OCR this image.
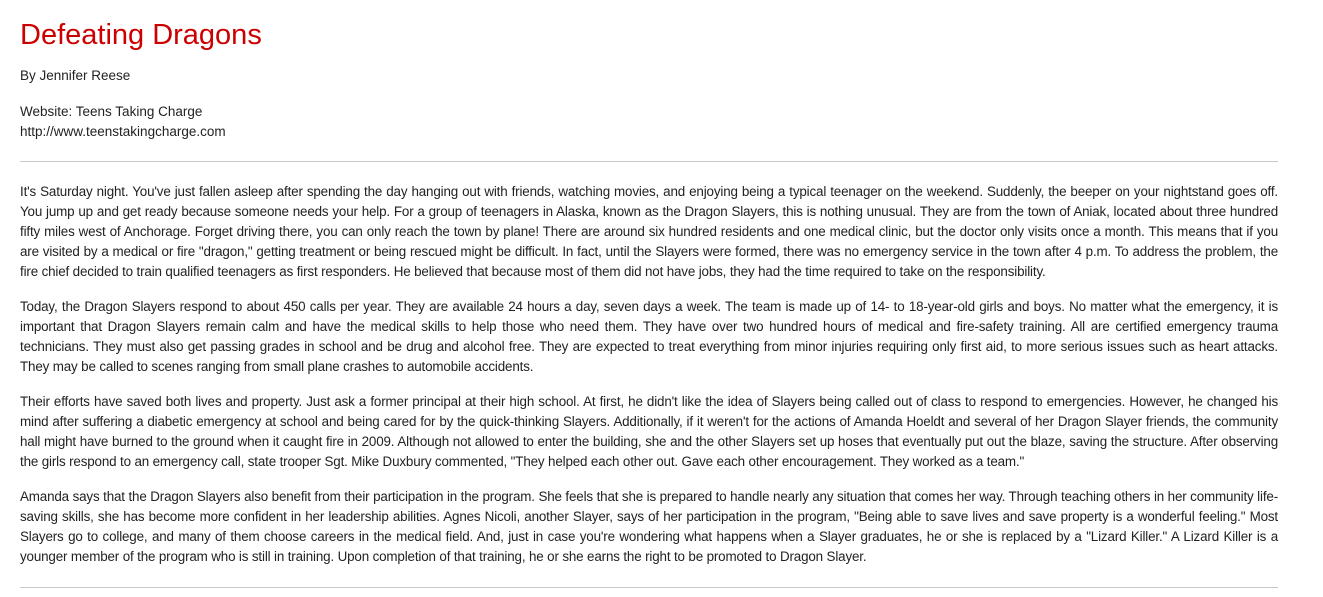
Defeating Dragons
By Jennifer Reese
Website: Teens Taking Charge
http://www.teenstakingcharge.com

It's Saturday night. You've just fallen asleep after spending the day hanging out with friends, watching movies, and enjoying being a typical teenager on the weekend. Suddenly, the beeper on your nightstand goes off. You jump up and get ready because someone needs your help. For a group of teenagers in Alaska, known as the Dragon Slayers, this is nothing unusual. They are from the town of Aniak, located about three hundred fifty miles west of Anchorage. Forget driving there, you can only reach the town by plane! There are around six hundred residents and one medical clinic, but the doctor only visits once a month. This means that if you are visited by a medical or fire "dragon," getting treatment or being rescued might be difficult. In fact, until the Slayers were formed, there was no emergency service in the town after 4 p.m. To address the problem, the fire chief decided to train qualified teenagers as first responders. He believed that because most of them did not have jobs, they had the time required to take on the responsibility.

Today, the Dragon Slayers respond to about 450 calls per year. They are available 24 hours a day, seven days a week. The team is made up of 14- to 18-year-old girls and boys. No matter what the emergency, it is important that Dragon Slayers remain calm and have the medical skills to help those who need them. They have over two hundred hours of medical and fire-safety training. All are certified emergency trauma technicians. They must also get passing grades in school and be drug and alcohol free. They are expected to treat everything from minor injuries requiring only first aid, to more serious issues such as heart attacks. They may be called to scenes ranging from small plane crashes to automobile accidents.

Their efforts have saved both lives and property. Just ask a former principal at their high school. At first, he didn't like the idea of Slayers being called out of class to respond to emergencies. However, he changed his mind after suffering a diabetic emergency at school and being cared for by the quick-thinking Slayers. Additionally, if it weren't for the actions of Amanda Hoeldt and several of her Dragon Slayer friends, the community hall might have burned to the ground when it caught fire in 2009. Although not allowed to enter the building, she and the other Slayers set up hoses that eventually put out the blaze, saving the structure. After observing the girls respond to an emergency call, state trooper Sgt. Mike Duxbury commented, "They helped each other out. Gave each other encouragement. They worked as a team."

Amanda says that the Dragon Slayers also benefit from their participation in the program. She feels that she is prepared to handle nearly any situation that comes her way. Through teaching others in her community life-saving skills, she has become more confident in her leadership abilities. Agnes Nicoli, another Slayer, says of her participation in the program, "Being able to save lives and save property is a wonderful feeling." Most Slayers go to college, and many of them choose careers in the medical field. And, just in case you're wondering what happens when a Slayer graduates, he or she is replaced by a "Lizard Killer." A Lizard Killer is a younger member of the program who is still in training. Upon completion of that training, he or she earns the right to be promoted to Dragon Slayer.
